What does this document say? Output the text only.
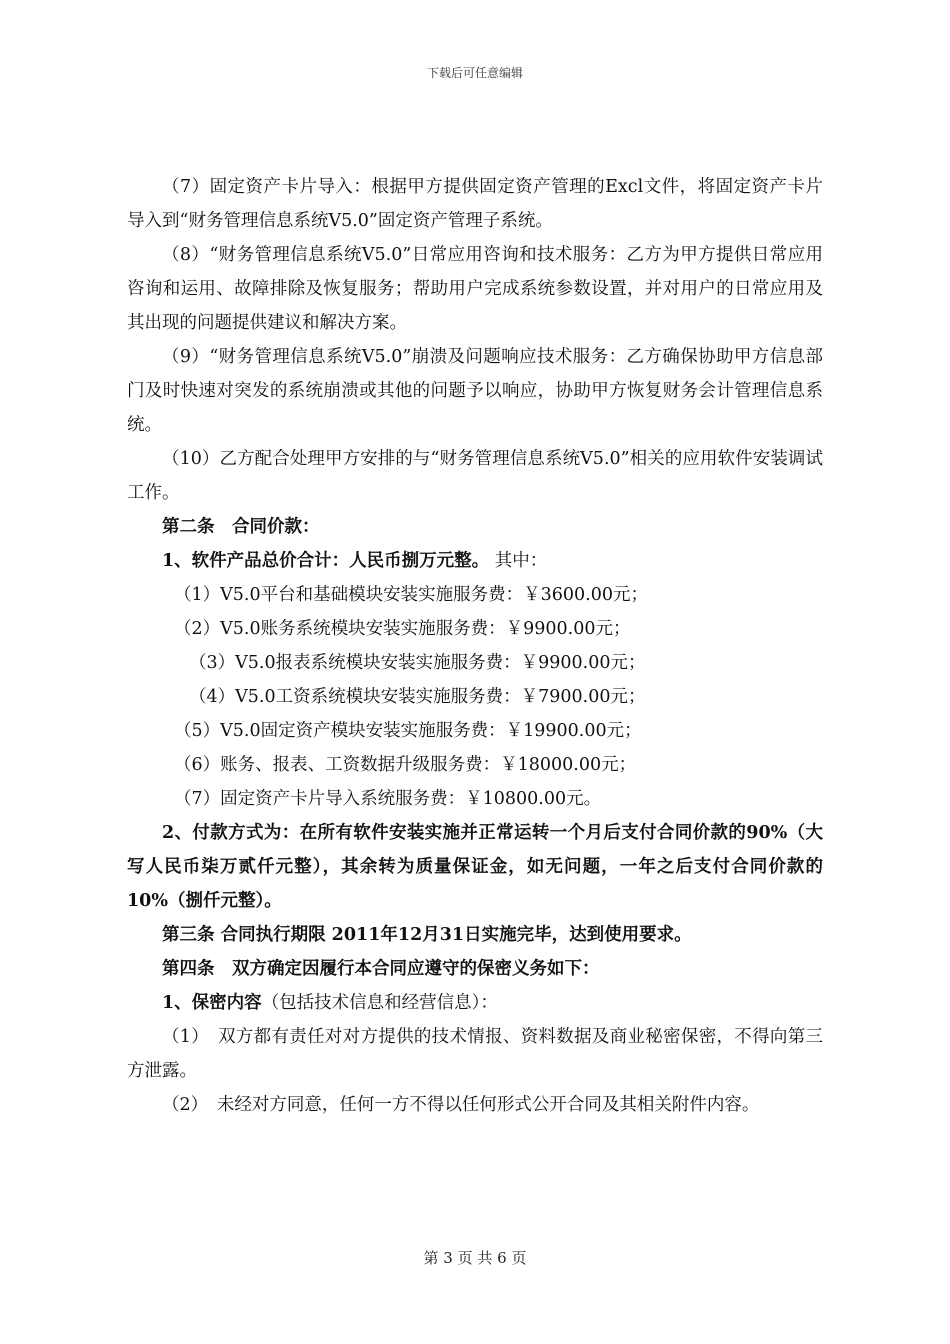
下载后可任意编辑

（7）固定资产卡片导入：根据甲方提供固定资产管理的Excl文件，将固定资产卡片导入到“财务管理信息系统V5.0”固定资产管理子系统。

（8）“财务管理信息系统V5.0”日常应用咨询和技术服务：乙方为甲方提供日常应用咨询和运用、故障排除及恢复服务；帮助用户完成系统参数设置，并对用户的日常应用及其出现的问题提供建议和解决方案。

（9）“财务管理信息系统V5.0”崩溃及问题响应技术服务：乙方确保协助甲方信息部门及时快速对突发的系统崩溃或其他的问题予以响应，协助甲方恢复财务会计管理信息系统。

（10）乙方配合处理甲方安排的与“财务管理信息系统V5.0”相关的应用软件安装调试工作。

第二条　合同价款：

1、软件产品总价合计：人民币捌万元整。 其中：

（1）V5.0平台和基础模块安装实施服务费：￥3600.00元；

（2）V5.0账务系统模块安装实施服务费：￥9900.00元；

（3）V5.0报表系统模块安装实施服务费：￥9900.00元；

（4）V5.0工资系统模块安装实施服务费：￥7900.00元；

（5）V5.0固定资产模块安装实施服务费：￥19900.00元；

（6）账务、报表、工资数据升级服务费：￥18000.00元；

（7）固定资产卡片导入系统服务费：￥10800.00元。

2、付款方式为：在所有软件安装实施并正常运转一个月后支付合同价款的90%（大写人民币柒万贰仟元整），其余转为质量保证金，如无问题，一年之后支付合同价款的10%（捌仟元整）。

第三条 合同执行期限 2011年12月31日实施完毕，达到使用要求。

第四条　双方确定因履行本合同应遵守的保密义务如下：

1、保密内容（包括技术信息和经营信息）：

（1）　双方都有责任对对方提供的技术情报、资料数据及商业秘密保密，不得向第三方泄露。

（2）　未经对方同意，任何一方不得以任何形式公开合同及其相关附件内容。

第 3 页 共 6 页
